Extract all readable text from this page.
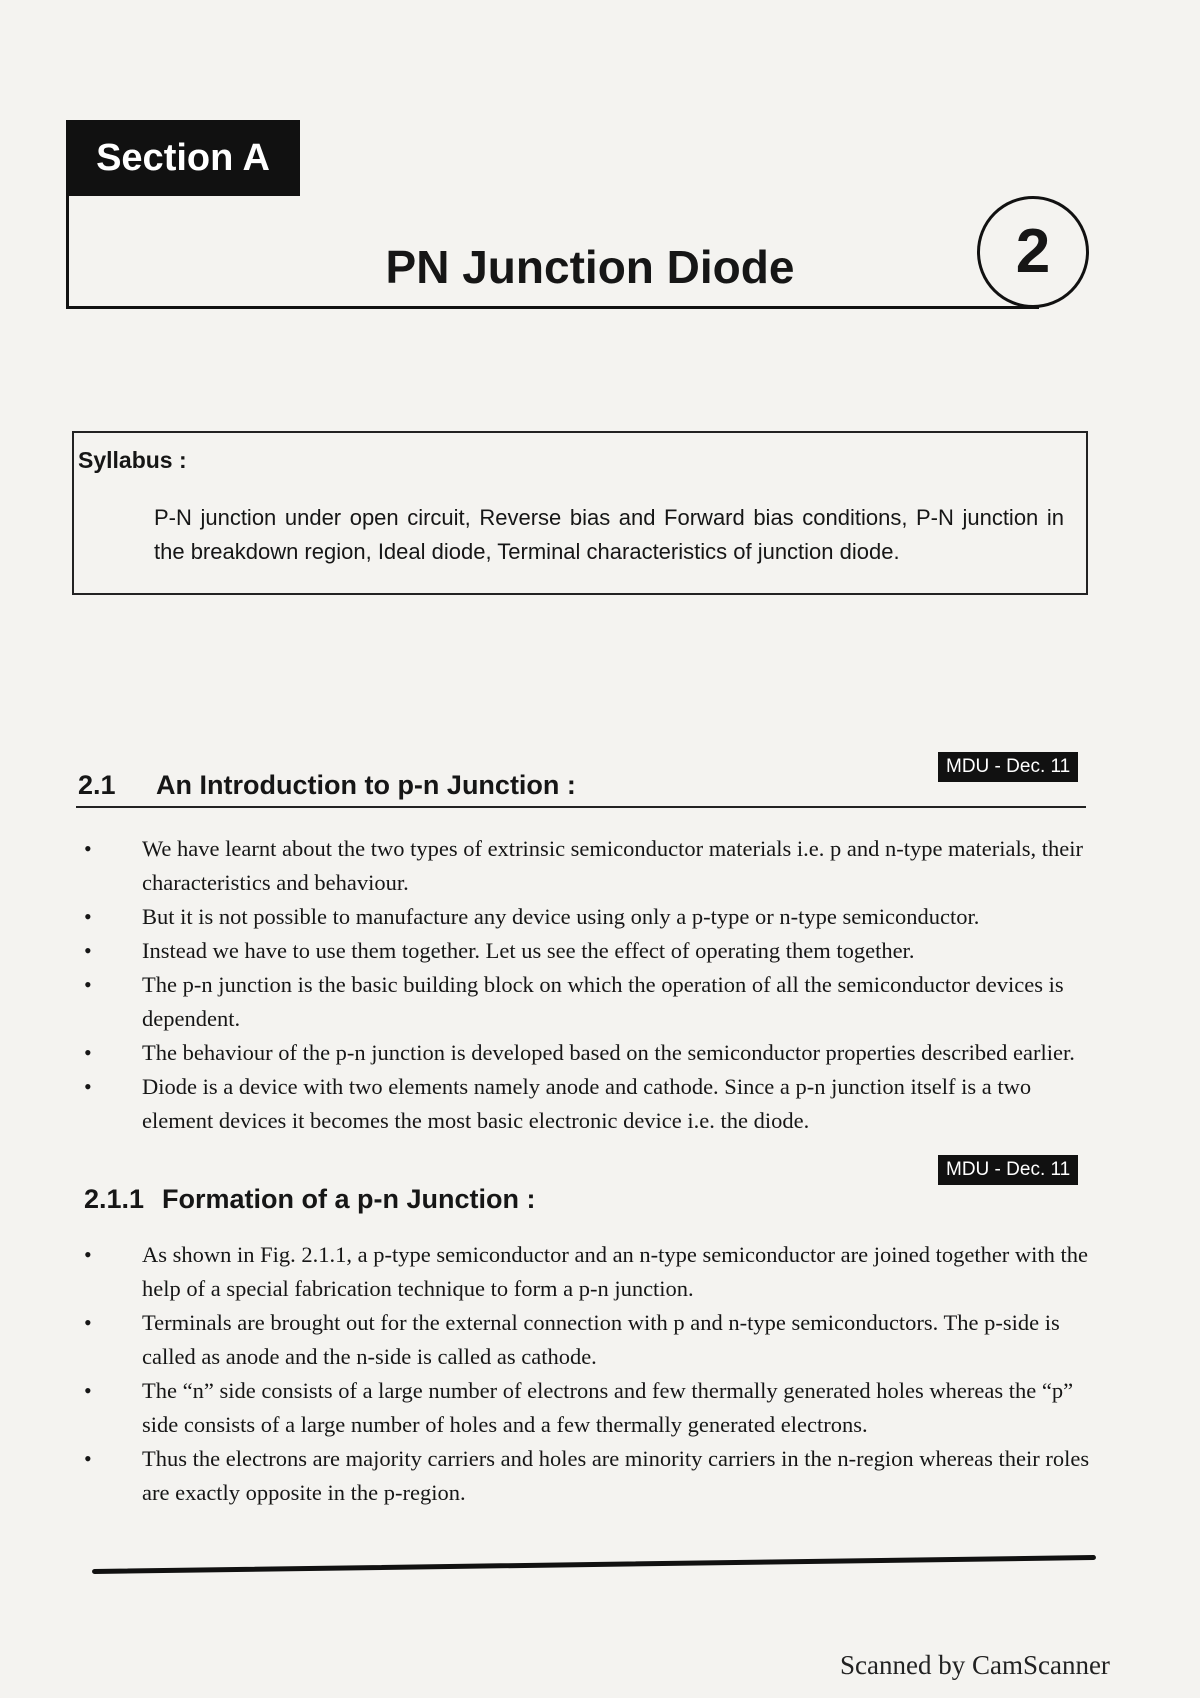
Section A
PN Junction Diode	2
Syllabus :
P-N junction under open circuit, Reverse bias and Forward bias conditions, P-N junction in the breakdown region, Ideal diode, Terminal characteristics of junction diode.
MDU - Dec. 11
2.1 An Introduction to p-n Junction :
• We have learnt about the two types of extrinsic semiconductor materials i.e. p and n-type materials, their characteristics and behaviour.
• But it is not possible to manufacture any device using only a p-type or n-type semiconductor.
• Instead we have to use them together. Let us see the effect of operating them together.
• The p-n junction is the basic building block on which the operation of all the semiconductor devices is dependent.
• The behaviour of the p-n junction is developed based on the semiconductor properties described earlier.
• Diode is a device with two elements namely anode and cathode. Since a p-n junction itself is a two element devices it becomes the most basic electronic device i.e. the diode.
MDU - Dec. 11
2.1.1 Formation of a p-n Junction :
• As shown in Fig. 2.1.1, a p-type semiconductor and an n-type semiconductor are joined together with the help of a special fabrication technique to form a p-n junction.
• Terminals are brought out for the external connection with p and n-type semiconductors. The p-side is called as anode and the n-side is called as cathode.
• The “n” side consists of a large number of electrons and few thermally generated holes whereas the “p” side consists of a large number of holes and a few thermally generated electrons.
• Thus the electrons are majority carriers and holes are minority carriers in the n-region whereas their roles are exactly opposite in the p-region.
Scanned by CamScanner
